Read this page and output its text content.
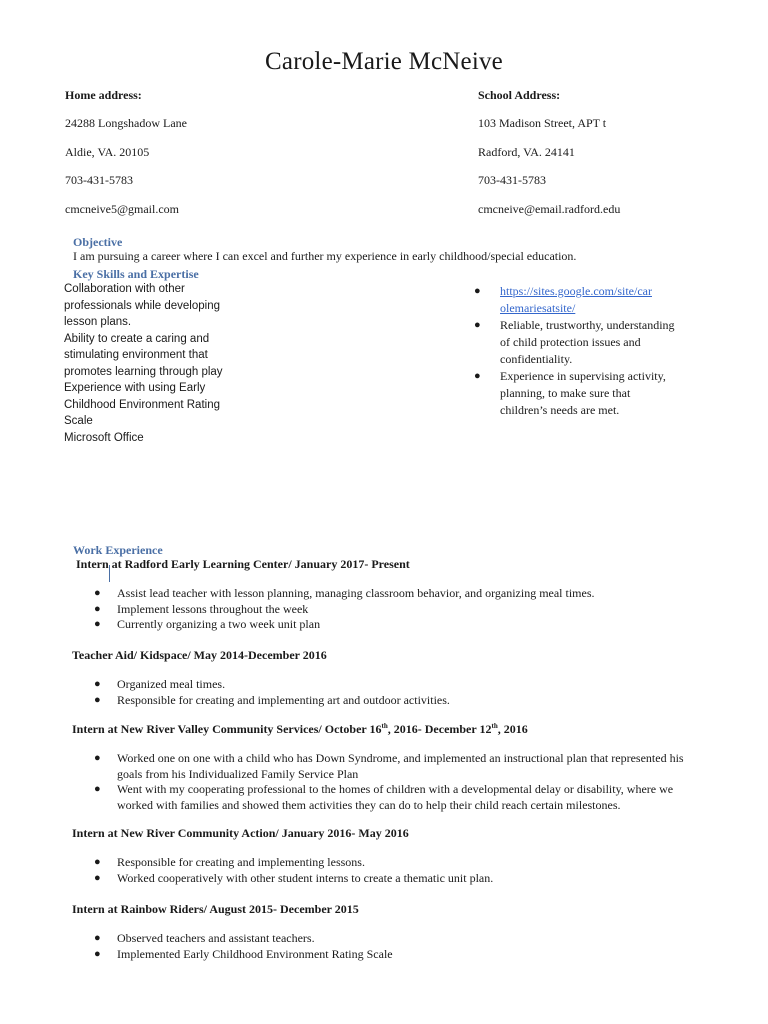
Carole-Marie McNeive
Home address:
24288 Longshadow Lane
Aldie, VA. 20105
703-431-5783
cmcneive5@gmail.com
School Address:
103 Madison Street, APT t
Radford, VA. 24141
703-431-5783
cmcneive@email.radford.edu
Objective
I am pursuing a career where I can excel and further my experience in early childhood/special education.
Key Skills and Expertise
Collaboration with other professionals while developing lesson plans.
Ability to create a caring and stimulating environment that promotes learning through play
Experience with using Early Childhood Environment Rating Scale
Microsoft Office
● https://sites.google.com/site/car
olemariesatsite/
● Reliable, trustworthy, understanding of child protection issues and confidentiality.
● Experience in supervising activity, planning, to make sure that children’s needs are met.
Work Experience
Intern at Radford Early Learning Center/ January 2017- Present
● Assist lead teacher with lesson planning, managing classroom behavior, and organizing meal times.
● Implement lessons throughout the week
● Currently organizing a two week unit plan
Teacher Aid/ Kidspace/ May 2014-December 2016
● Organized meal times.
● Responsible for creating and implementing art and outdoor activities.
Intern at New River Valley Community Services/ October 16th, 2016- December 12th, 2016
● Worked one on one with a child who has Down Syndrome, and implemented an instructional plan that represented his goals from his Individualized Family Service Plan
● Went with my cooperating professional to the homes of children with a developmental delay or disability, where we worked with families and showed them activities they can do to help their child reach certain milestones.
Intern at New River Community Action/ January 2016- May 2016
● Responsible for creating and implementing lessons.
● Worked cooperatively with other student interns to create a thematic unit plan.
Intern at Rainbow Riders/ August 2015- December 2015
● Observed teachers and assistant teachers.
● Implemented Early Childhood Environment Rating Scale
